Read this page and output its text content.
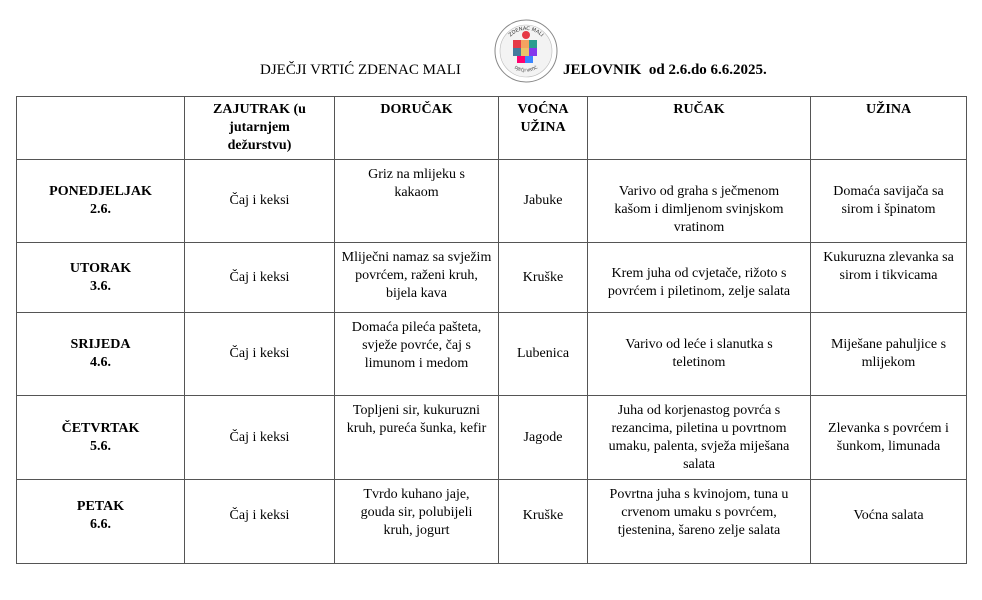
DJEČJI VRTIĆ ZDENAC MALI
ZDENAC MALI
DJEČJI VRTIĆ JELOVNIK  od 2.6.do 6.6.2025.
	ZAJUTRAK (u jutarnjem dežurstvu)	DORUČAK	VOĆNA UŽINA	RUČAK	UŽINA

PONEDJELJAK
2.6.	Čaj i keksi	Griz na mlijeku s kakaom	Jabuke	Varivo od graha s ječmenom kašom i dimljenom svinjskom vratinom	Domaća savijača sa sirom i špinatom

UTORAK
3.6.	Čaj i keksi	Mliječni namaz sa svježim povrćem, raženi kruh, bijela kava	Kruške	Krem juha od cvjetače, rižoto s povrćem i piletinom, zelje salata	Kukuruzna zlevanka sa sirom i tikvicama

SRIJEDA
4.6.	Čaj i keksi	Domaća pileća pašteta, svježe povrće, čaj s limunom i medom	Lubenica	Varivo od leće i slanutka s teletinom	Miješane pahuljice s mlijekom

ČETVRTAK
5.6.	Čaj i keksi	Topljeni sir, kukuruzni kruh, pureća šunka, kefir	Jagode	Juha od korjenastog povrća s rezancima, piletina u povrtnom umaku, palenta, svježa miješana salata	Zlevanka s povrćem i šunkom, limunada

PETAK
6.6.	Čaj i keksi	Tvrdo kuhano jaje, gouda sir, polubijeli kruh, jogurt	Kruške	Povrtna juha s kvinojom, tuna u crvenom umaku s povrćem, tjestenina, šareno zelje salata	Voćna salata
